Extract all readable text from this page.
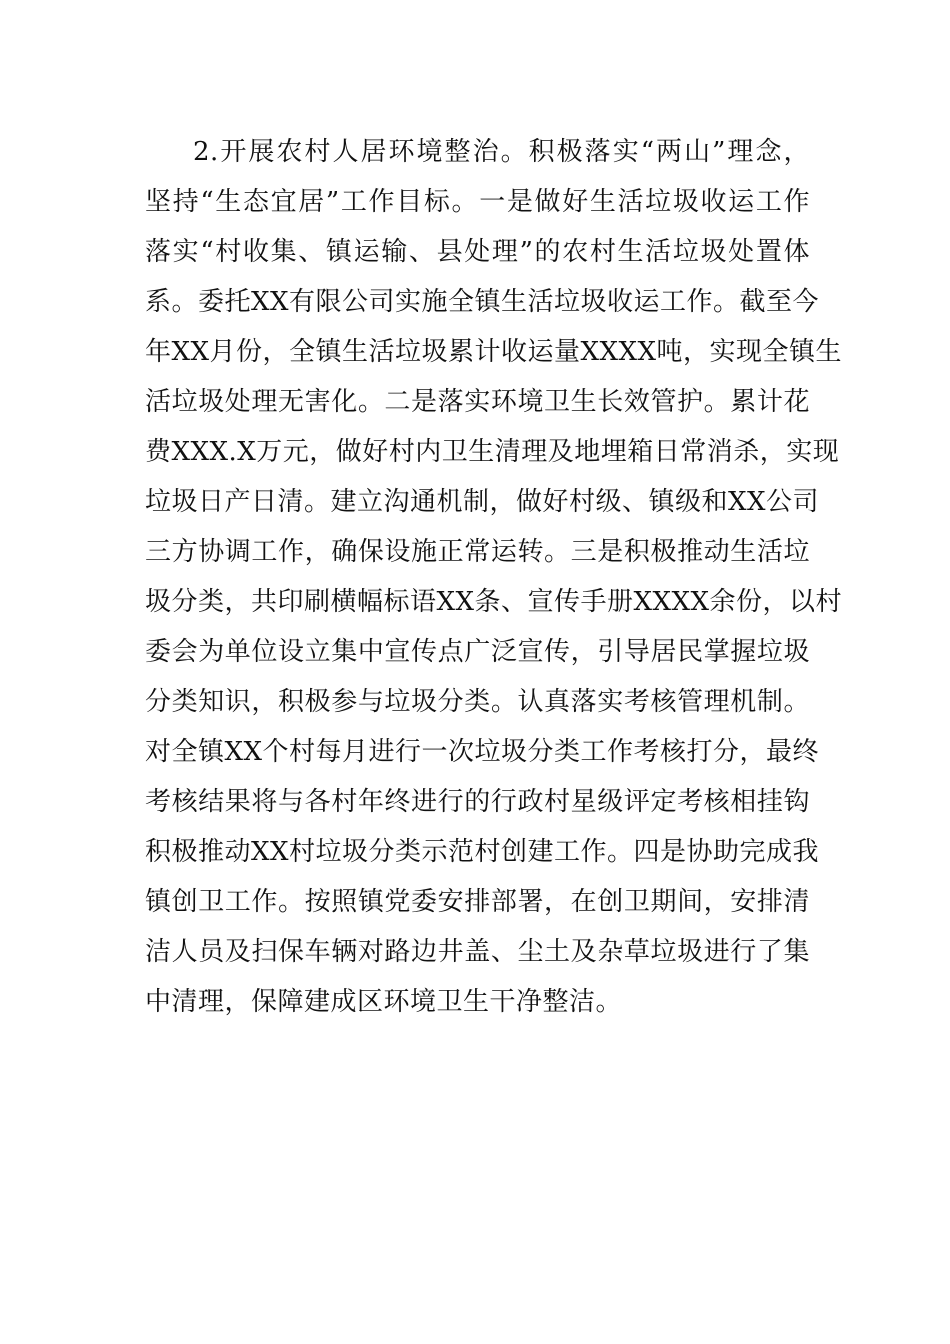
2.开展农村人居环境整治。积极落实“两山”理念，
坚持“生态宜居”工作目标。一是做好生活垃圾收运工作
落实“村收集、镇运输、县处理”的农村生活垃圾处置体
系。委托XX有限公司实施全镇生活垃圾收运工作。截至今
年XX月份，全镇生活垃圾累计收运量XXXX吨，实现全镇生
活垃圾处理无害化。二是落实环境卫生长效管护。累计花
费XXX.X万元，做好村内卫生清理及地埋箱日常消杀，实现
垃圾日产日清。建立沟通机制，做好村级、镇级和XX公司
三方协调工作，确保设施正常运转。三是积极推动生活垃
圾分类，共印刷横幅标语XX条、宣传手册XXXX余份，以村
委会为单位设立集中宣传点广泛宣传，引导居民掌握垃圾
分类知识，积极参与垃圾分类。认真落实考核管理机制。
对全镇XX个村每月进行一次垃圾分类工作考核打分，最终
考核结果将与各村年终进行的行政村星级评定考核相挂钩
积极推动XX村垃圾分类示范村创建工作。四是协助完成我
镇创卫工作。按照镇党委安排部署，在创卫期间，安排清
洁人员及扫保车辆对路边井盖、尘土及杂草垃圾进行了集
中清理，保障建成区环境卫生干净整洁。
